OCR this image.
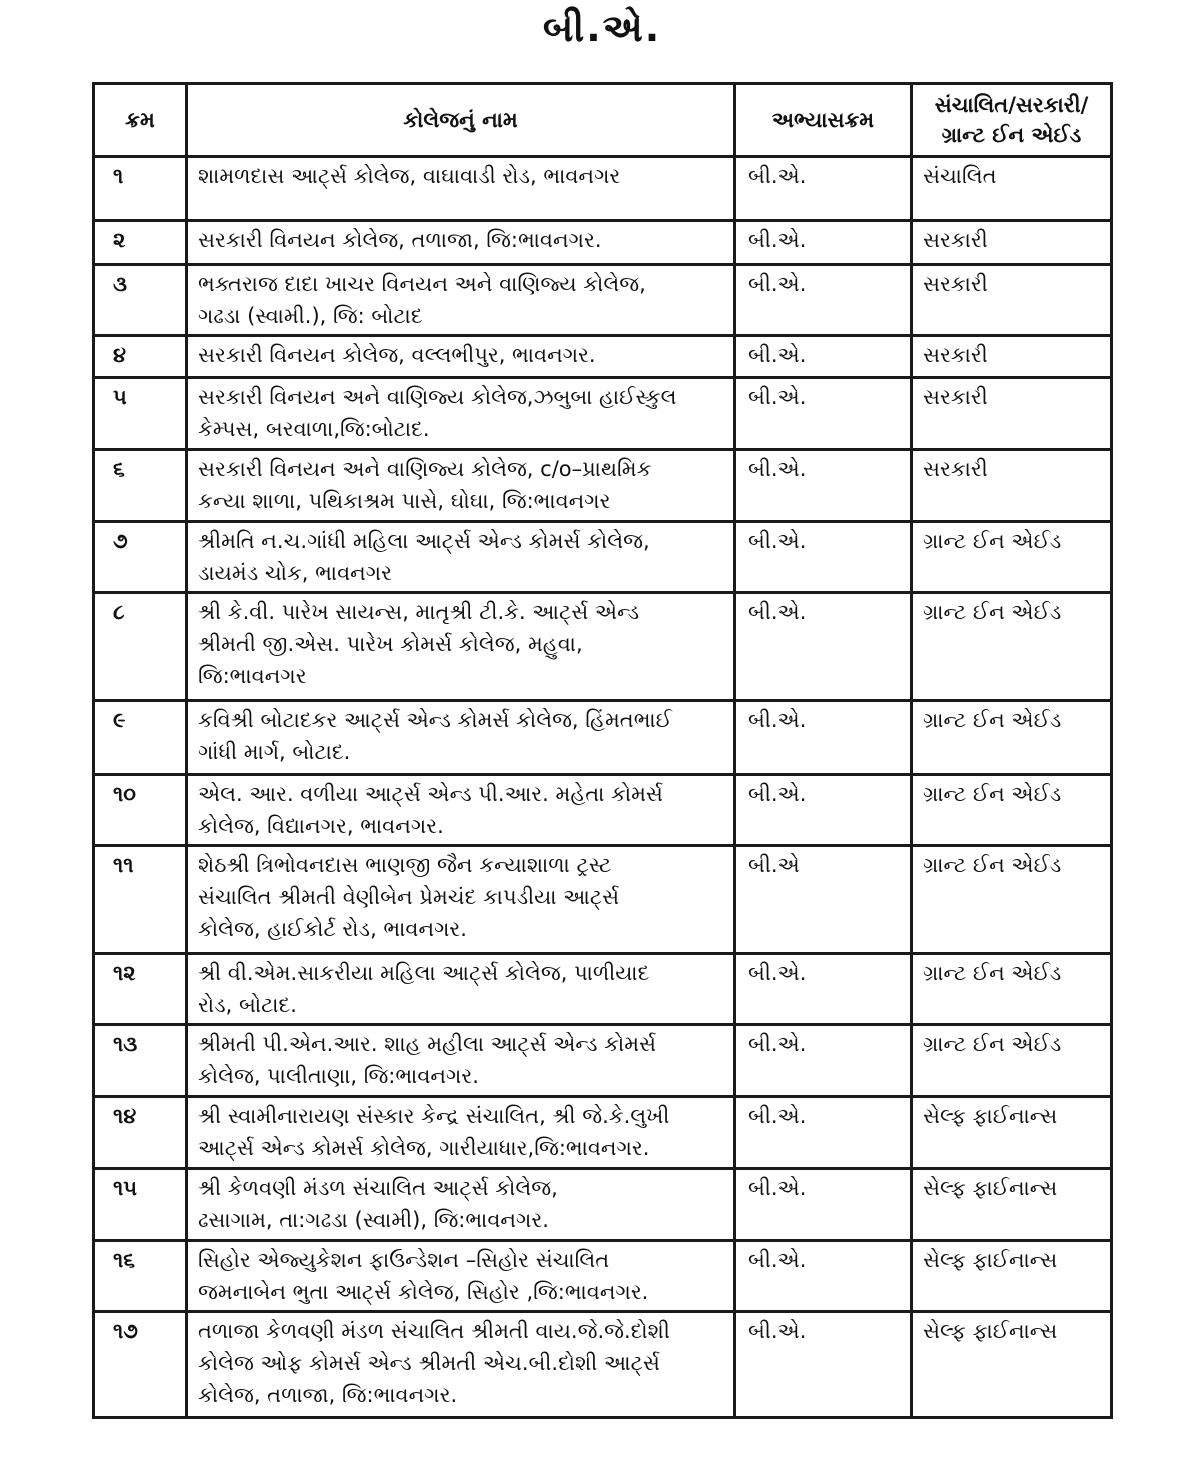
બી.એ.
ક્રમ	કોલેજનું નામ	અભ્યાસક્રમ	સંચાલિત/સરકારી/
ગ્રાન્ટ ઈન એઈડ
૧	શામળદાસ આર્ટ્સ કોલેજ, વાઘાવાડી રોડ, ભાવનગર	બી.એ.	સંચાલિત
૨	સરકારી વિનયન કોલેજ, તળાજા, જિ:ભાવનગર.	બી.એ.	સરકારી
૩	ભક્તરાજ દાદા ખાચર વિનયન અને વાણિજ્ય કોલેજ,
ગઢડા (સ્વામી.), જિ: બોટાદ	બી.એ.	સરકારી
૪	સરકારી વિનયન કોલેજ, વલ્લભીપુર, ભાવનગર.	બી.એ.	સરકારી
૫	સરકારી વિનયન અને વાણિજ્ય કોલેજ,ઝબુબા હાઈસ્કુલ
કેમ્પસ, બરવાળા,જિ:બોટાદ.	બી.એ.	સરકારી
૬	સરકારી વિનયન અને વાણિજ્ય કોલેજ, c/o–પ્રાથમિક
કન્યા શાળા, પથિકાશ્રમ પાસે, ઘોઘા, જિ:ભાવનગર	બી.એ.	સરકારી
૭	શ્રીમતિ ન.ચ.ગાંધી મહિલા આર્ટ્સ એન્ડ કોમર્સ કોલેજ,
ડાયમંડ ચોક, ભાવનગર	બી.એ.	ગ્રાન્ટ ઈન એઈડ
૮	શ્રી કે.વી. પારેખ સાયન્સ, માતૃશ્રી ટી.કે. આર્ટ્સ એન્ડ
શ્રીમતી જી.એસ. પારેખ કોમર્સ કોલેજ, મહુવા,
જિ:ભાવનગર	બી.એ.	ગ્રાન્ટ ઈન એઈડ
૯	કવિશ્રી બોટાદકર આર્ટ્સ એન્ડ કોમર્સ કોલેજ, હિંમતભાઈ
ગાંધી માર્ગ, બોટાદ.	બી.એ.	ગ્રાન્ટ ઈન એઈડ
૧૦	એલ. આર. વળીયા આર્ટ્સ એન્ડ પી.આર. મહેતા કોમર્સ
કોલેજ, વિદ્યાનગર, ભાવનગર.	બી.એ.	ગ્રાન્ટ ઈન એઈડ
૧૧	શેઠશ્રી ત્રિભોવનદાસ ભાણજી જૈન કન્યાશાળા ટ્રસ્ટ
સંચાલિત શ્રીમતી વેણીબેન પ્રેમચંદ કાપડીયા આર્ટ્સ
કોલેજ, હાઈકોર્ટ રોડ, ભાવનગર.	બી.એ	ગ્રાન્ટ ઈન એઈડ
૧૨	શ્રી વી.એમ.સાકરીયા મહિલા આર્ટ્સ કોલેજ, પાળીયાદ
રોડ, બોટાદ.	બી.એ.	ગ્રાન્ટ ઈન એઈડ
૧૩	શ્રીમતી પી.એન.આર. શાહ મહીલા આર્ટ્સ એન્ડ કોમર્સ
કોલેજ, પાલીતાણા, જિ:ભાવનગર.	બી.એ.	ગ્રાન્ટ ઈન એઈડ
૧૪	શ્રી સ્વામીનારાયણ સંસ્કાર કેન્દ્ર સંચાલિત, શ્રી જે.કે.લુખી
આર્ટ્સ એન્ડ કોમર્સ કોલેજ, ગારીયાધાર,જિ:ભાવનગર.	બી.એ.	સેલ્ફ ફાઈનાન્સ
૧૫	શ્રી કેળવણી મંડળ સંચાલિત આર્ટ્સ કોલેજ,
ઢસાગામ, તા:ગઢડા (સ્વામી), જિ:ભાવનગર.	બી.એ.	સેલ્ફ ફાઈનાન્સ
૧૬	સિહોર એજ્યુકેશન ફાઉન્ડેશન –સિહોર સંચાલિત
જમનાબેન ભુતા આર્ટ્સ કોલેજ, સિહોર ,જિ:ભાવનગર.	બી.એ.	સેલ્ફ ફાઈનાન્સ
૧૭	તળાજા કેળવણી મંડળ સંચાલિત શ્રીમતી વાય.જે.જે.દોશી
કોલેજ ઓફ કોમર્સ એન્ડ શ્રીમતી એચ.બી.દોશી આર્ટ્સ
કોલેજ, તળાજા, જિ:ભાવનગર.	બી.એ.	સેલ્ફ ફાઈનાન્સ
